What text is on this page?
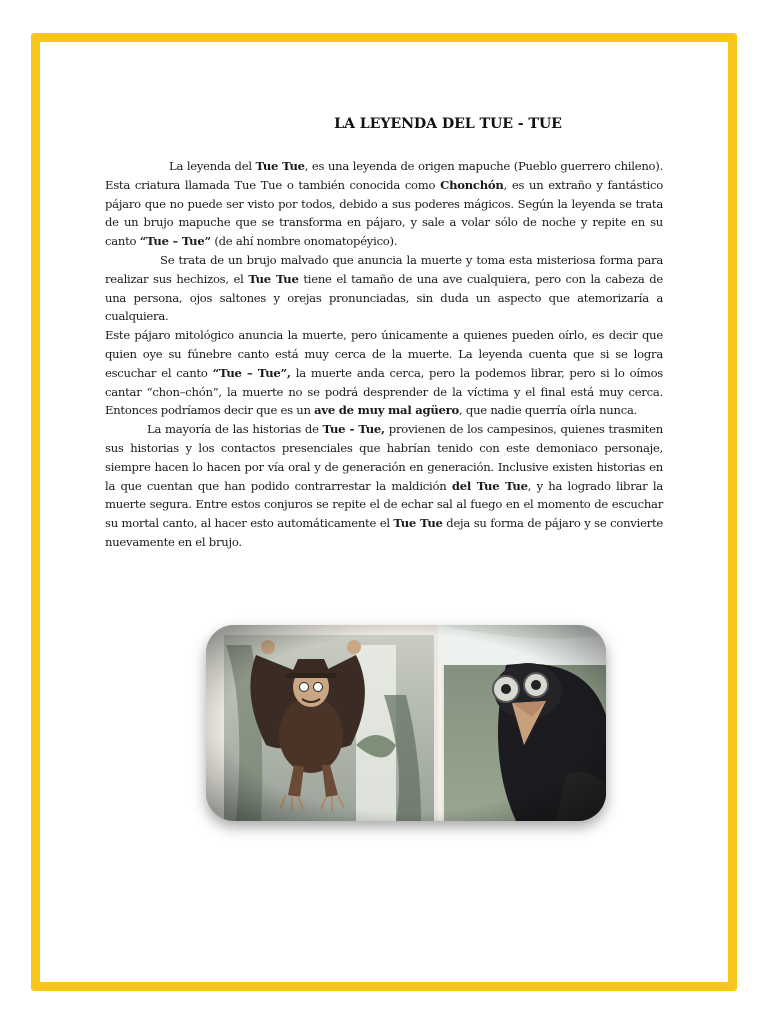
LA LEYENDA DEL TUE - TUE

La leyenda del Tue Tue, es una leyenda de origen mapuche (Pueblo guerrero chileno). Esta criatura llamada Tue Tue o también conocida como Chonchón, es un extraño y fantástico pájaro que no puede ser visto por todos, debido a sus poderes mágicos. Según la leyenda se trata de un brujo mapuche que se transforma en pájaro, y sale a volar sólo de noche y repite en su canto “Tue – Tue” (de ahí nombre onomatopéyico).

Se trata de un brujo malvado que anuncia la muerte y toma esta misteriosa forma para realizar sus hechizos, el Tue Tue tiene el tamaño de una ave cualquiera, pero con la cabeza de una persona, ojos saltones y orejas pronunciadas, sin duda un aspecto que atemorizaría a cualquiera.

Este pájaro mitológico anuncia la muerte, pero únicamente a quienes pueden oírlo, es decir que quien oye su fúnebre canto está muy cerca de la muerte. La leyenda cuenta que si se logra escuchar el canto “Tue – Tue”, la muerte anda cerca, pero la podemos librar, pero si lo oímos cantar “chon–chón”, la muerte no se podrá desprender de la víctima y el final está muy cerca. Entonces podríamos decir que es un ave de muy mal agüero, que nadie querría oírla nunca.

La mayoría de las historias de Tue - Tue, provienen de los campesinos, quienes trasmiten sus historias y los contactos presenciales que habrían tenido con este demoniaco personaje, siempre hacen lo hacen por vía oral y de generación en generación. Inclusive existen historias en la que cuentan que han podido contrarrestar la maldición del Tue Tue, y ha logrado librar la muerte segura. Entre estos conjuros se repite el de echar sal al fuego en el momento de escuchar su mortal canto, al hacer esto automáticamente el Tue Tue deja su forma de pájaro y se convierte nuevamente en el brujo.
